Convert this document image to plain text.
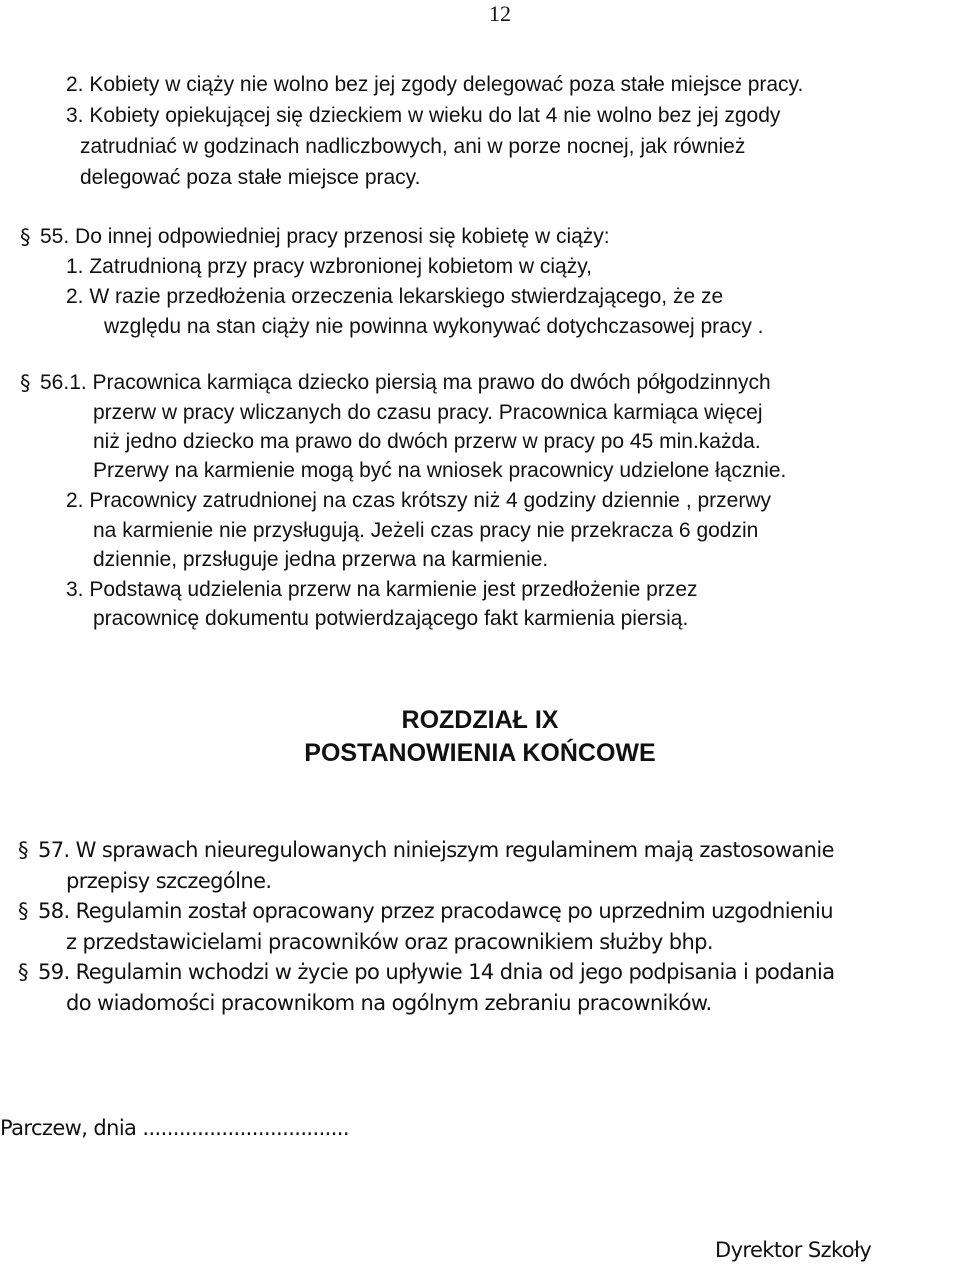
12
2. Kobiety w ciąży nie wolno bez jej zgody delegować poza stałe miejsce pracy.
3. Kobiety opiekującej się dzieckiem w wieku do lat 4 nie wolno bez jej zgody
zatrudniać w godzinach nadliczbowych, ani w porze nocnej, jak również
delegować poza stałe miejsce pracy.
§ 55. Do innej odpowiedniej pracy przenosi się kobietę w ciąży:
1. Zatrudnioną przy pracy wzbronionej kobietom w ciąży,
2. W razie przedłożenia orzeczenia lekarskiego stwierdzającego, że ze
względu na stan ciąży nie powinna wykonywać dotychczasowej pracy .
§ 56.1. Pracownica karmiąca dziecko piersią ma prawo do dwóch półgodzinnych
przerw w pracy wliczanych do czasu pracy. Pracownica karmiąca więcej
niż jedno dziecko ma prawo do dwóch przerw w pracy po 45 min.każda.
Przerwy na karmienie mogą być na wniosek pracownicy udzielone łącznie.
2. Pracownicy zatrudnionej na czas krótszy niż 4 godziny dziennie , przerwy
na karmienie nie przysługują. Jeżeli czas pracy nie przekracza 6 godzin
dziennie, przsługuje jedna przerwa na karmienie.
3. Podstawą udzielenia przerw na karmienie jest przedłożenie przez
pracownicę dokumentu potwierdzającego fakt karmienia piersią.
ROZDZIAŁ IX
POSTANOWIENIA KOŃCOWE
§ 57. W sprawach nieuregulowanych niniejszym regulaminem mają zastosowanie
przepisy szczególne.
§ 58. Regulamin został opracowany przez pracodawcę po uprzednim uzgodnieniu
z przedstawicielami pracowników oraz pracownikiem służby bhp.
§ 59. Regulamin wchodzi w życie po upływie 14 dnia od jego podpisania i podania
do wiadomości pracownikom na ogólnym zebraniu pracowników.
Parczew, dnia ..................................
Dyrektor Szkoły
